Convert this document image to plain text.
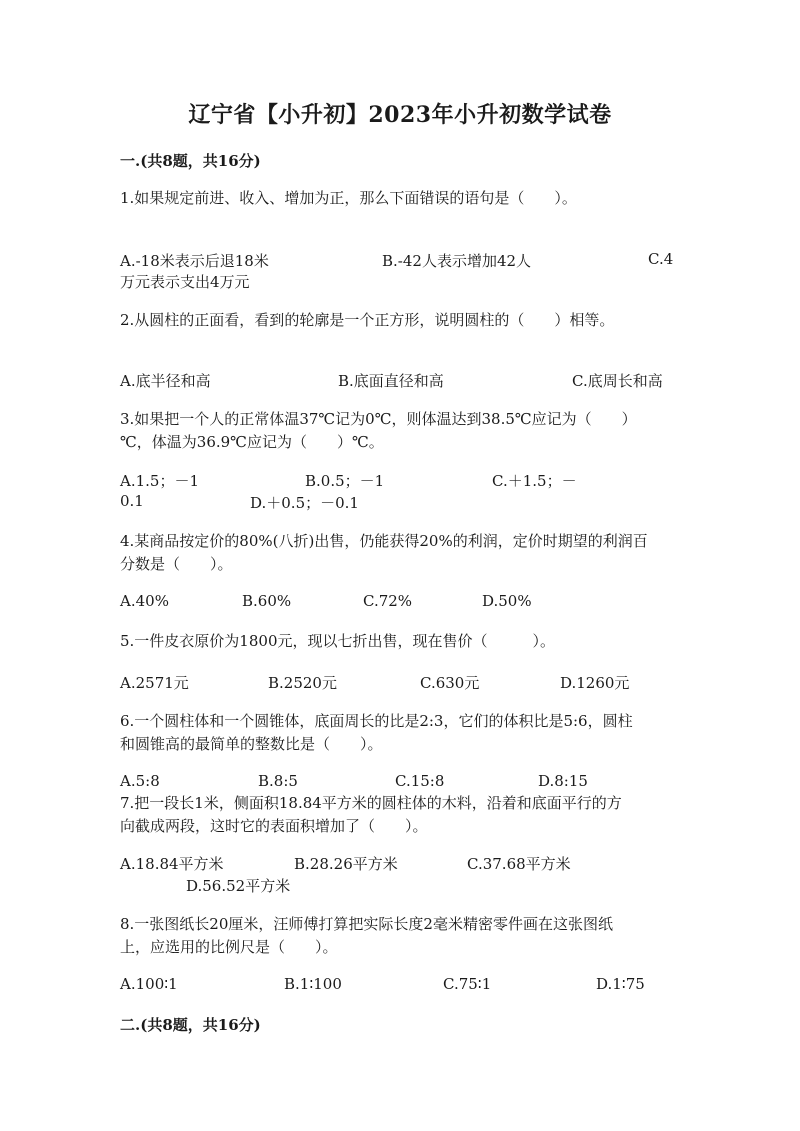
辽宁省【小升初】2023年小升初数学试卷
一.(共8题，共16分)
1.如果规定前进、收入、增加为正，那么下面错误的语句是（　　）。
A.-18米表示后退18米	B.-42人表示增加42人	C.4
万元表示支出4万元
2.从圆柱的正面看，看到的轮廓是一个正方形，说明圆柱的（　　）相等。
A.底半径和高	B.底面直径和高	C.底周长和高
3.如果把一个人的正常体温37℃记为0℃，则体温达到38.5℃应记为（　　）
℃，体温为36.9℃应记为（　　）℃。
A.1.5；－1	B.0.5；－1	C.＋1.5；－
0.1	D.＋0.5；－0.1
4.某商品按定价的80%(八折)出售，仍能获得20%的利润，定价时期望的利润百
分数是（　　）。
A.40%	B.60%	C.72%	D.50%
5.一件皮衣原价为1800元，现以七折出售，现在售价（　　　）。
A.2571元	B.2520元	C.630元	D.1260元
6.一个圆柱体和一个圆锥体，底面周长的比是2:3，它们的体积比是5:6，圆柱
和圆锥高的最简单的整数比是（　　）。
A.5:8	B.8:5	C.15:8	D.8:15
7.把一段长1米，侧面积18.84平方米的圆柱体的木料，沿着和底面平行的方
向截成两段，这时它的表面积增加了（　　）。
A.18.84平方米	B.28.26平方米	C.37.68平方米
D.56.52平方米
8.一张图纸长20厘米，汪师傅打算把实际长度2毫米精密零件画在这张图纸
上，应选用的比例尺是（　　）。
A.100∶1	B.1∶100	C.75∶1	D.1∶75
二.(共8题，共16分)
